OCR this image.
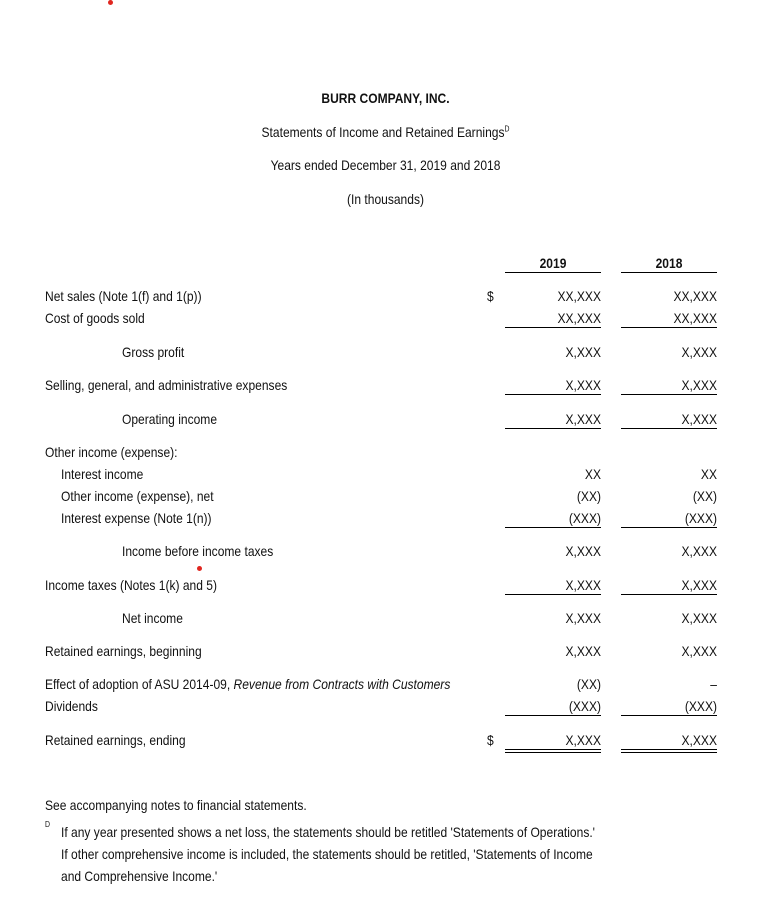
BURR COMPANY, INC.
Statements of Income and Retained Earnings$^D$
Years ended December 31, 2019 and 2018
(In thousands)
2019	2018
Net sales (Note 1(f) and 1(p))	$	XX,XXX	XX,XXX
Cost of goods sold	XX,XXX	XX,XXX
Gross profit	X,XXX	X,XXX
Selling, general, and administrative expenses	X,XXX	X,XXX
Operating income	X,XXX	X,XXX
Other income (expense):
Interest income	XX	XX
Other income (expense), net	(XX)	(XX)
Interest expense (Note 1(n))	(XXX)	(XXX)
Income before income taxes	X,XXX	X,XXX
Income taxes (Notes 1(k) and 5)	X,XXX	X,XXX
Net income	X,XXX	X,XXX
Retained earnings, beginning	X,XXX	X,XXX
Effect of adoption of ASU 2014-09, Revenue from Contracts with Customers	(XX)	–
Dividends	(XXX)	(XXX)
Retained earnings, ending	$	X,XXX	X,XXX
See accompanying notes to financial statements.
D If any year presented shows a net loss, the statements should be retitled 'Statements of Operations.'
If other comprehensive income is included, the statements should be retitled, 'Statements of Income
and Comprehensive Income.'
